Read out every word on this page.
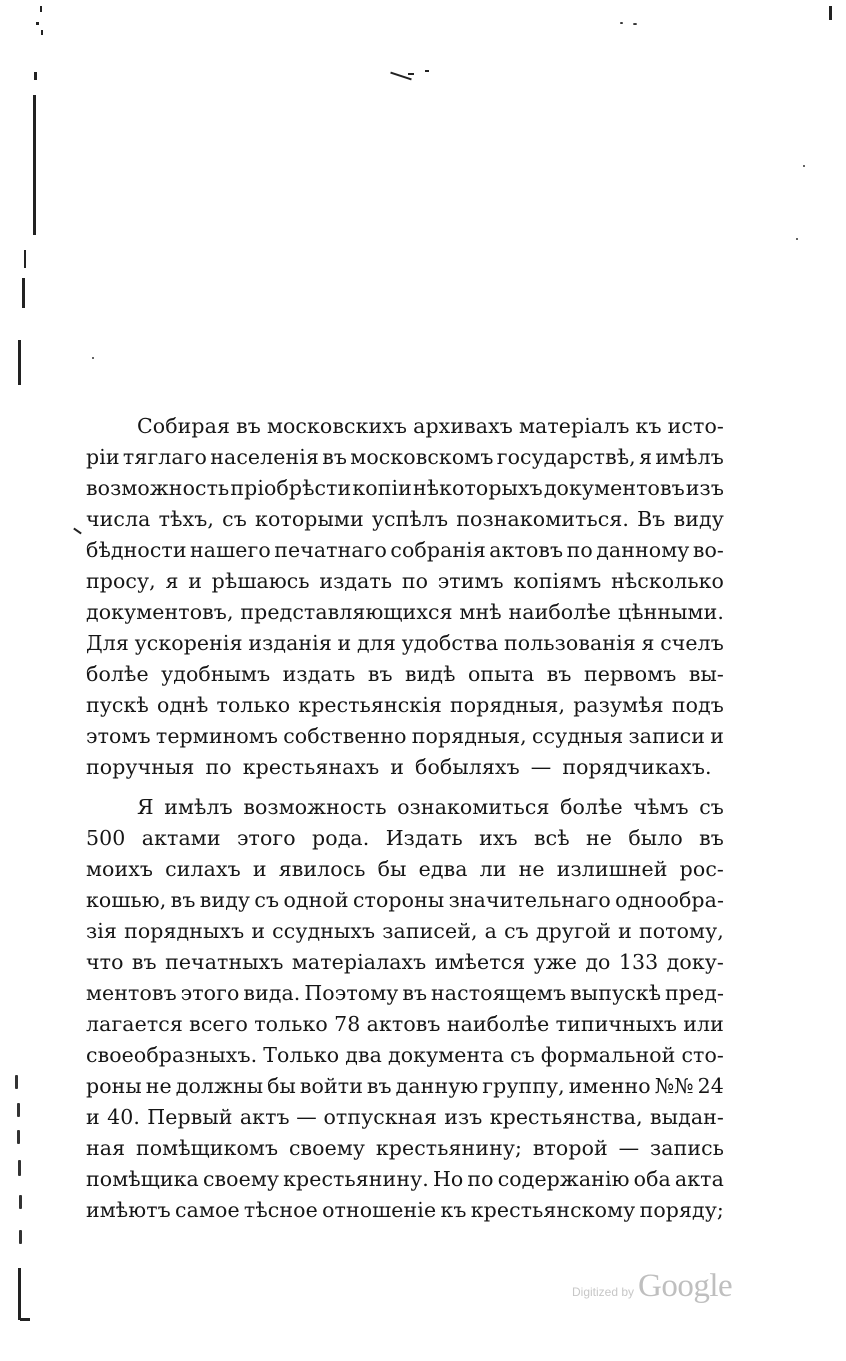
Собирая въ московскихъ архивахъ матеріалъ къ исто-
ріи тяглаго населенія въ московскомъ государствѣ, я имѣлъ
возможность пріобрѣсти копіи нѣкоторыхъ документовъ изъ
числа тѣхъ, съ которыми успѣлъ познакомиться. Въ виду
бѣдности нашего печатнаго собранія актовъ по данному во-
просу, я и рѣшаюсь издать по этимъ копіямъ нѣсколько
документовъ, представляющихся мнѣ наиболѣе цѣнными.
Для ускоренія изданія и для удобства пользованія я счелъ
болѣе удобнымъ издать въ видѣ опыта въ первомъ вы-
пускѣ однѣ только крестьянскія порядныя, разумѣя подъ
этомъ терминомъ собственно порядныя, ссудныя записи и
поручныя по крестьянахъ и бобыляхъ — порядчикахъ.
Я имѣлъ возможность ознакомиться болѣе чѣмъ съ
500 актами этого рода. Издать ихъ всѣ не было въ
моихъ силахъ и явилось бы едва ли не излишней рос-
кошью, въ виду съ одной стороны значительнаго однообра-
зія порядныхъ и ссудныхъ записей, а съ другой и потому,
что въ печатныхъ матеріалахъ имѣется уже до 133 доку-
ментовъ этого вида. Поэтому въ настоящемъ выпускѣ пред-
лагается всего только 78 актовъ наиболѣе типичныхъ или
своеобразныхъ. Только два документа съ формальной сто-
роны не должны бы войти въ данную группу, именно №№ 24
и 40. Первый актъ — отпускная изъ крестьянства, выдан-
ная помѣщикомъ своему крестьянину; второй — запись
помѣщика своему крестьянину. Но по содержанію оба акта
имѣютъ самое тѣсное отношеніе къ крестьянскому поряду;
Digitized by Google
